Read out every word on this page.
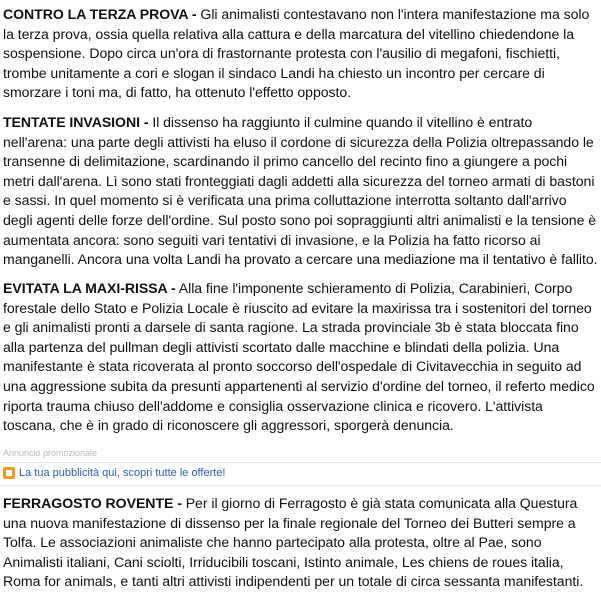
CONTRO LA TERZA PROVA - Gli animalisti contestavano non l'intera manifestazione ma solo la terza prova, ossia quella relativa alla cattura e della marcatura del vitellino chiedendone la sospensione. Dopo circa un'ora di frastornante protesta con l'ausilio di megafoni, fischietti, trombe unitamente a cori e slogan il sindaco Landi ha chiesto un incontro per cercare di smorzare i toni ma, di fatto, ha ottenuto l'effetto opposto.

TENTATE INVASIONI - Il dissenso ha raggiunto il culmine quando il vitellino è entrato nell'arena: una parte degli attivisti ha eluso il cordone di sicurezza della Polizia oltrepassando le transenne di delimitazione, scardinando il primo cancello del recinto fino a giungere a pochi metri dall'arena. Lì sono stati fronteggiati dagli addetti alla sicurezza del torneo armati di bastoni e sassi. In quel momento si è verificata una prima colluttazione interrotta soltanto dall'arrivo degli agenti delle forze dell'ordine. Sul posto sono poi sopraggiunti altri animalisti e la tensione è aumentata ancora: sono seguiti vari tentativi di invasione, e la Polizia ha fatto ricorso ai manganelli. Ancora una volta Landi ha provato a cercare una mediazione ma il tentativo è fallito.

EVITATA LA MAXI-RISSA - Alla fine l'imponente schieramento di Polizia, Carabinieri, Corpo forestale dello Stato e Polizia Locale è riuscito ad evitare la maxirissa tra i sostenitori del torneo e gli animalisti pronti a darsele di santa ragione. La strada provinciale 3b è stata bloccata fino alla partenza del pullman degli attivisti scortato dalle macchine e blindati della polizia. Una manifestante è stata ricoverata al pronto soccorso dell'ospedale di Civitavecchia in seguito ad una aggressione subita da presunti appartenenti al servizio d'ordine del torneo, il referto medico riporta trauma chiuso dell'addome e consiglia osservazione clinica e ricovero. L'attivista toscana, che è in grado di riconoscere gli aggressori, sporgerà denuncia.

Annuncio promozionale
La tua pubblicità qui, scopri tutte le offerte!

FERRAGOSTO ROVENTE - Per il giorno di Ferragosto è già stata comunicata alla Questura una nuova manifestazione di dissenso per la finale regionale del Torneo dei Butteri sempre a Tolfa. Le associazioni animaliste che hanno partecipato alla protesta, oltre al Pae, sono Animalisti italiani, Cani sciolti, Irriducibili toscani, Istinto animale, Les chiens de roues italia, Roma for animals, e tanti altri attivisti indipendenti per un totale di circa sessanta manifestanti.
